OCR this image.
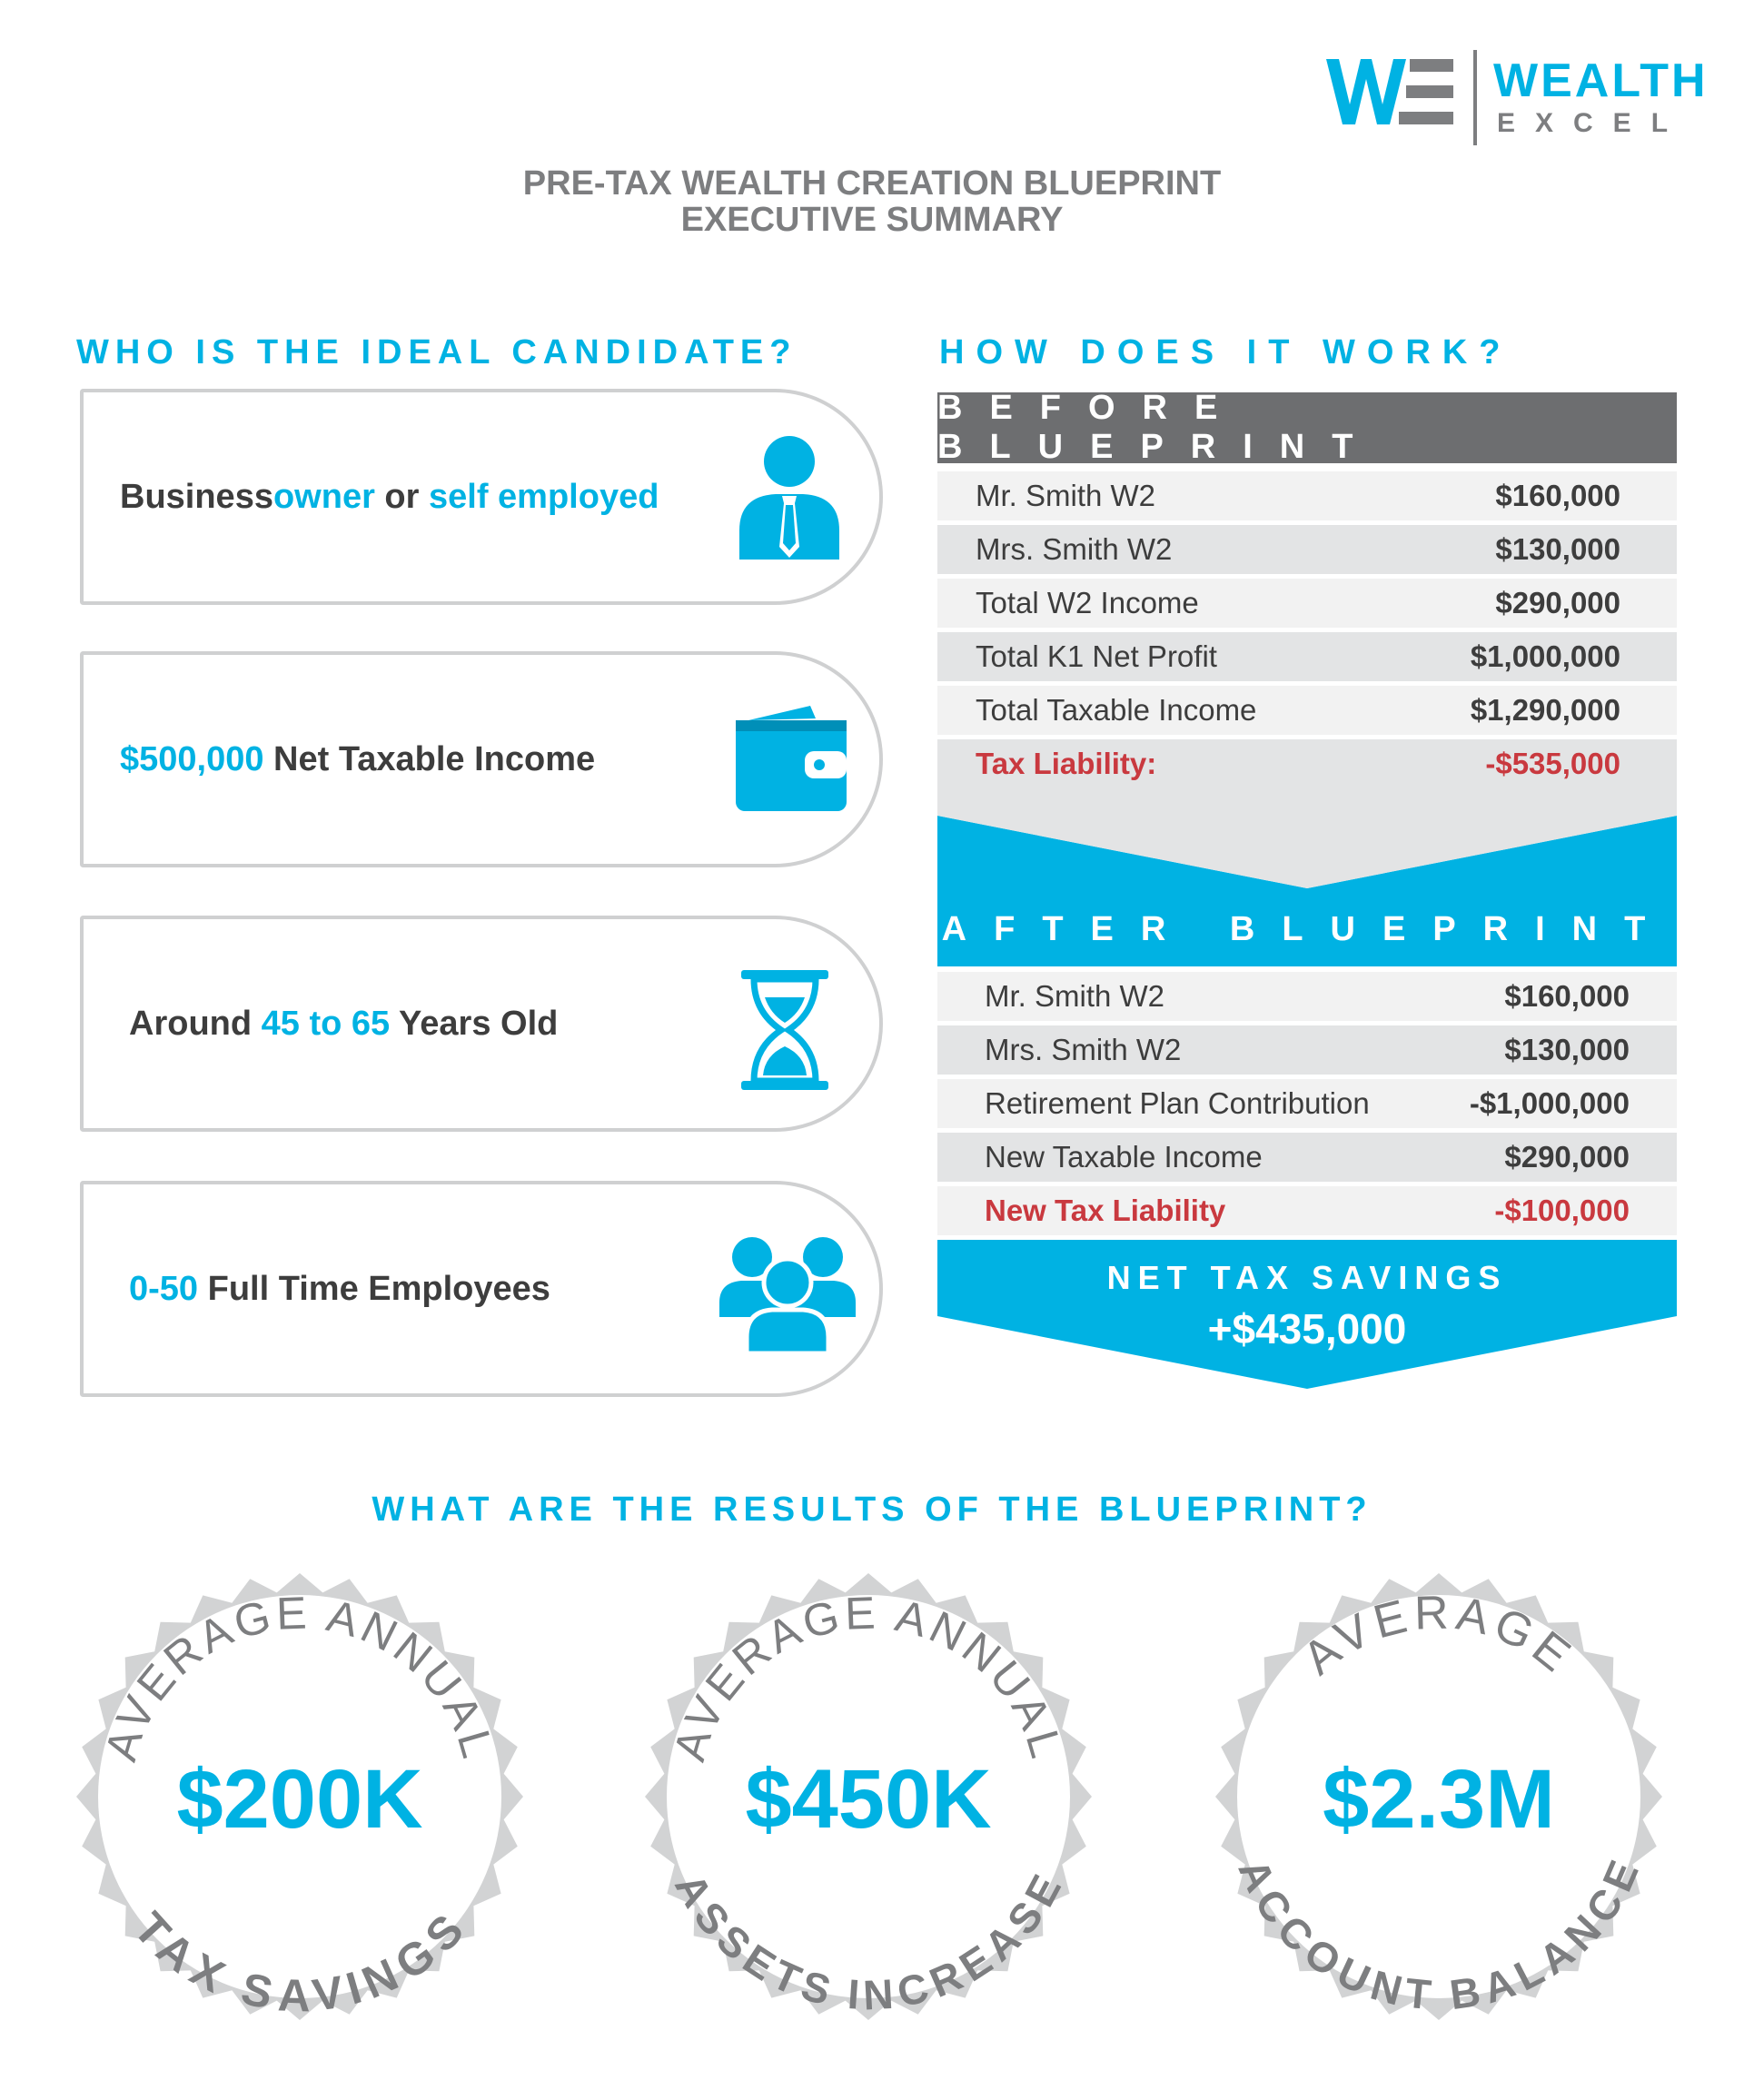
WEALTH
EXCEL
PRE-TAX WEALTH CREATION BLUEPRINT
EXECUTIVE SUMMARY
WHO IS THE IDEAL CANDIDATE?
Business owner or self employed
$500,000 Net Taxable Income
Around 45 to 65 Years Old
0-50 Full Time Employees
HOW DOES IT WORK?
BEFORE BLUEPRINT
Mr. Smith W2	$160,000
Mrs. Smith W2	$130,000
Total W2 Income	$290,000
Total K1 Net Profit	$1,000,000
Total Taxable Income	$1,290,000
Tax Liability:	-$535,000
AFTER BLUEPRINT
Mr. Smith W2	$160,000
Mrs. Smith W2	$130,000
Retirement Plan Contribution	-$1,000,000
New Taxable Income	$290,000
New Tax Liability	-$100,000
NET TAX SAVINGS
+$435,000
WHAT ARE THE RESULTS OF THE BLUEPRINT?
AVERAGE ANNUAL
$200K
TAX SAVINGS
AVERAGE ANNUAL
$450K
ASSETS INCREASE
AVERAGE
$2.3M
ACCOUNT BALANCE
